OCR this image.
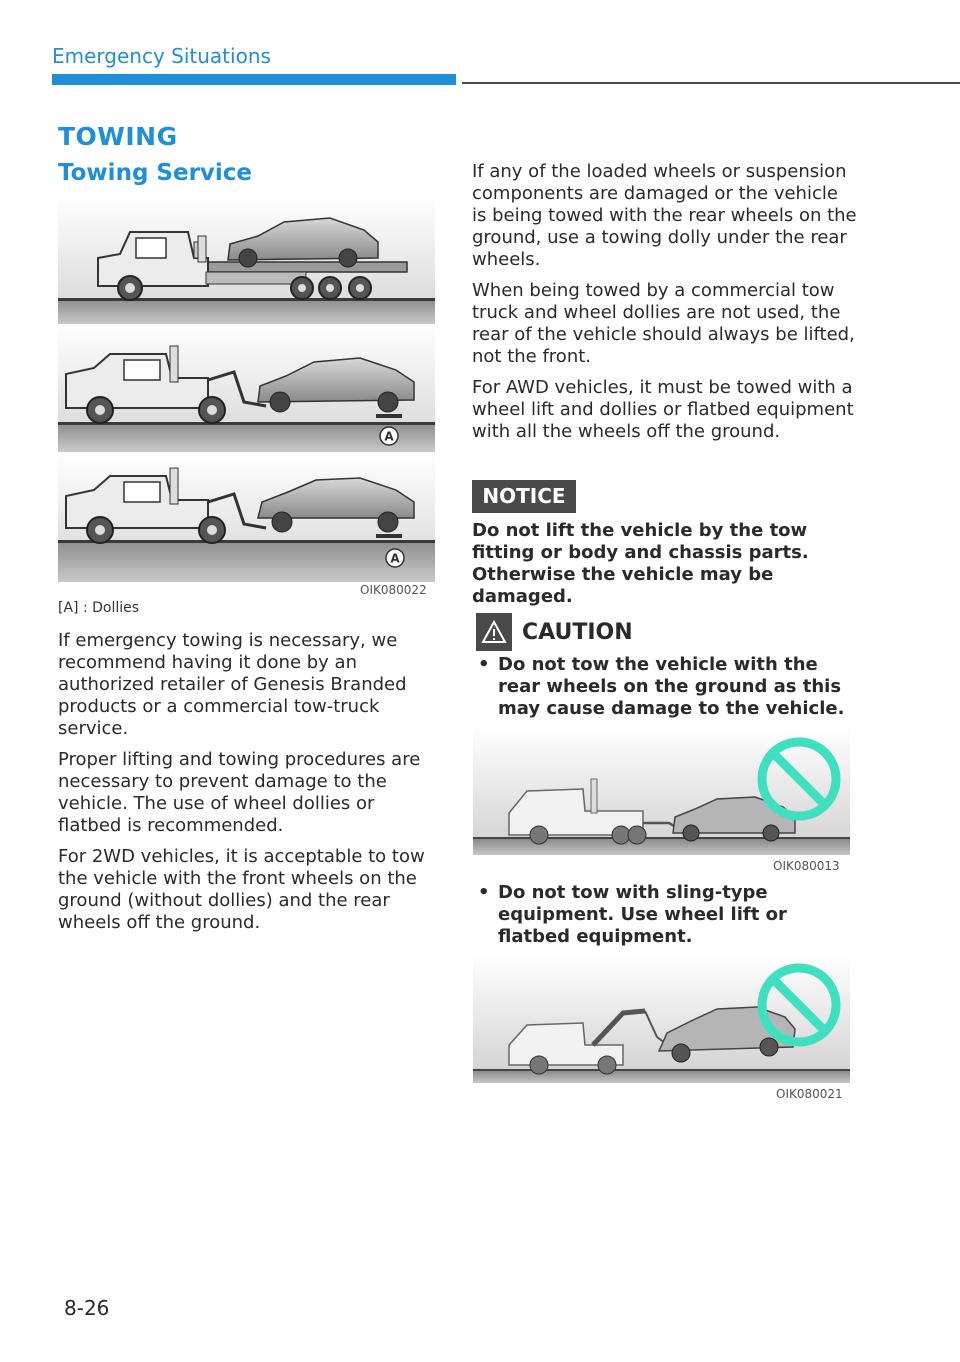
Emergency Situations
TOWING
Towing Service
A
A
OIK080022
[A] : Dollies

If emergency towing is necessary, we recommend having it done by an authorized retailer of Genesis Branded products or a commercial tow-truck service.

Proper lifting and towing procedures are necessary to prevent damage to the vehicle. The use of wheel dollies or flatbed is recommended.

For 2WD vehicles, it is acceptable to tow the vehicle with the front wheels on the ground (without dollies) and the rear wheels off the ground.

If any of the loaded wheels or suspension components are damaged or the vehicle is being towed with the rear wheels on the ground, use a towing dolly under the rear wheels.

When being towed by a commercial tow truck and wheel dollies are not used, the rear of the vehicle should always be lifted, not the front.

For AWD vehicles, it must be towed with a wheel lift and dollies or flatbed equipment with all the wheels off the ground.

NOTICE
Do not lift the vehicle by the tow fitting or body and chassis parts. Otherwise the vehicle may be damaged.
CAUTION
• Do not tow the vehicle with the rear wheels on the ground as this may cause damage to the vehicle.
OIK080013
• Do not tow with sling-type equipment. Use wheel lift or flatbed equipment.
OIK080021
8-26
